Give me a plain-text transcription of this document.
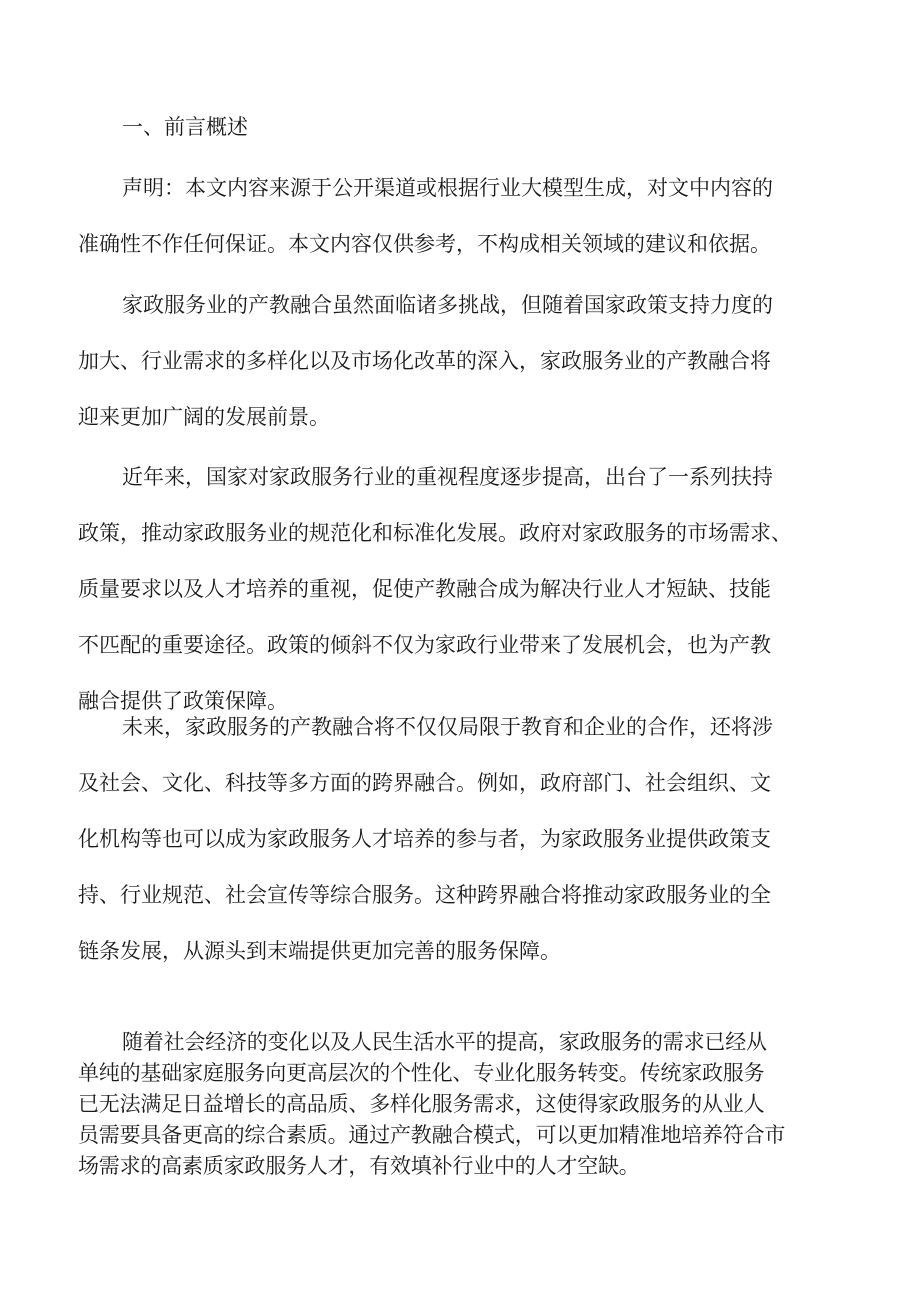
一、前言概述

声明：本文内容来源于公开渠道或根据行业大模型生成，对文中内容的
准确性不作任何保证。本文内容仅供参考，不构成相关领域的建议和依据。

家政服务业的产教融合虽然面临诸多挑战，但随着国家政策支持力度的
加大、行业需求的多样化以及市场化改革的深入，家政服务业的产教融合将
迎来更加广阔的发展前景。

近年来，国家对家政服务行业的重视程度逐步提高，出台了一系列扶持
政策，推动家政服务业的规范化和标准化发展。政府对家政服务的市场需求、
质量要求以及人才培养的重视，促使产教融合成为解决行业人才短缺、技能
不匹配的重要途径。政策的倾斜不仅为家政行业带来了发展机会，也为产教
融合提供了政策保障。

未来，家政服务的产教融合将不仅仅局限于教育和企业的合作，还将涉
及社会、文化、科技等多方面的跨界融合。例如，政府部门、社会组织、文
化机构等也可以成为家政服务人才培养的参与者，为家政服务业提供政策支
持、行业规范、社会宣传等综合服务。这种跨界融合将推动家政服务业的全
链条发展，从源头到末端提供更加完善的服务保障。

随着社会经济的变化以及人民生活水平的提高，家政服务的需求已经从
单纯的基础家庭服务向更高层次的个性化、专业化服务转变。传统家政服务
已无法满足日益增长的高品质、多样化服务需求，这使得家政服务的从业人
员需要具备更高的综合素质。通过产教融合模式，可以更加精准地培养符合市
场需求的高素质家政服务人才，有效填补行业中的人才空缺。
